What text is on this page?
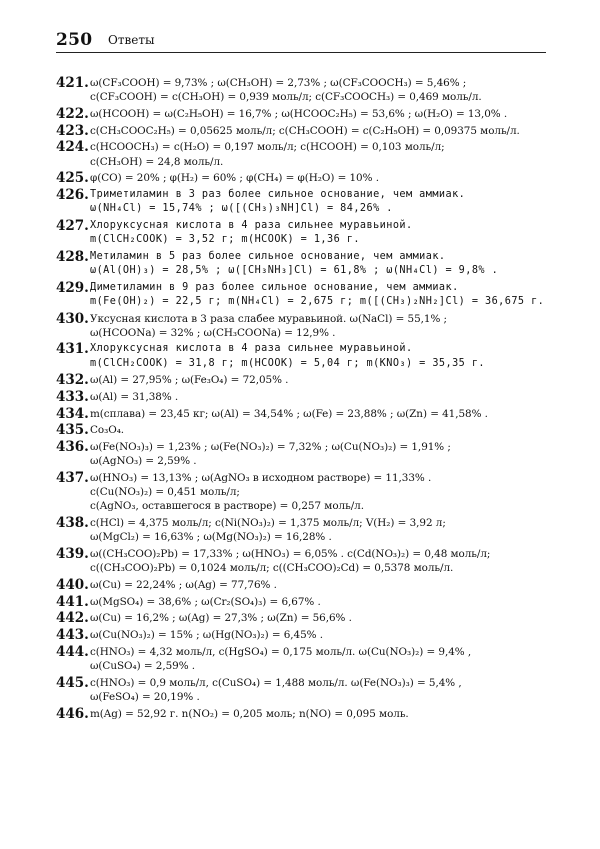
250 Ответы
421. ω(CF₃COOH) = 9,73% ; ω(CH₃OH) = 2,73% ; ω(CF₃COOCH₃) = 5,46% ;
c(CF₃COOH) = c(CH₃OH) = 0,939 моль/л; c(CF₃COOCH₃) = 0,469 моль/л.
422. ω(HCOOH) = ω(C₂H₅OH) = 16,7% ; ω(HCOOC₂H₅) = 53,6% ; ω(H₂O) = 13,0% .
423. c(CH₃COOC₂H₅) = 0,05625 моль/л; c(CH₃COOH) = c(C₂H₅OH) = 0,09375 моль/л.
424. c(HCOOCH₃) = c(H₂O) = 0,197 моль/л; c(HCOOH) = 0,103 моль/л;
c(CH₃OH) = 24,8 моль/л.
425. φ(CO) = 20% ; φ(H₂) = 60% ; φ(CH₄) = φ(H₂O) = 10% .
426. Триметиламин в 3 раз более сильное основание, чем аммиак.
ω(NH₄Cl) = 15,74% ; ω([(CH₃)₃NH]Cl) = 84,26% .
427. Хлоруксусная кислота в 4 раза сильнее муравьиной.
m(ClCH₂COOK) = 3,52 г; m(HCOOK) = 1,36 г.
428. Метиламин в 5 раз более сильное основание, чем аммиак.
ω(Al(OH)₃) = 28,5% ; ω([CH₃NH₃]Cl) = 61,8% ; ω(NH₄Cl) = 9,8% .
429. Диметиламин в 9 раз более сильное основание, чем аммиак.
m(Fe(OH)₂) = 22,5 г; m(NH₄Cl) = 2,675 г; m([(CH₃)₂NH₂]Cl) = 36,675 г.
430. Уксусная кислота в 3 раза слабее муравьиной. ω(NaCl) = 55,1% ;
ω(HCOONa) = 32% ; ω(CH₃COONa) = 12,9% .
431. Хлоруксусная кислота в 4 раза сильнее муравьиной.
m(ClCH₂COOK) = 31,8 г; m(HCOOK) = 5,04 г; m(KNO₃) = 35,35 г.
432. ω(Al) = 27,95% ; ω(Fe₃O₄) = 72,05% .
433. ω(Al) = 31,38% .
434. m(сплава) = 23,45 кг; ω(Al) = 34,54% ; ω(Fe) = 23,88% ; ω(Zn) = 41,58% .
435. Co₃O₄.
436. ω(Fe(NO₃)₃) = 1,23% ; ω(Fe(NO₃)₂) = 7,32% ; ω(Cu(NO₃)₂) = 1,91% ;
ω(AgNO₃) = 2,59% .
437. ω(HNO₃) = 13,13% ; ω(AgNO₃ в исходном растворе) = 11,33% .
c(Cu(NO₃)₂) = 0,451 моль/л;
c(AgNO₃, оставшегося в растворе) = 0,257 моль/л.
438. c(HCl) = 4,375 моль/л; c(Ni(NO₃)₂) = 1,375 моль/л; V(H₂) = 3,92 л;
ω(MgCl₂) = 16,63% ; ω(Mg(NO₃)₂) = 16,28% .
439. ω((CH₃COO)₂Pb) = 17,33% ; ω(HNO₃) = 6,05% . c(Cd(NO₃)₂) = 0,48 моль/л;
c((CH₃COO)₂Pb) = 0,1024 моль/л; c((CH₃COO)₂Cd) = 0,5378 моль/л.
440. ω(Cu) = 22,24% ; ω(Ag) = 77,76% .
441. ω(MgSO₄) = 38,6% ; ω(Cr₂(SO₄)₃) = 6,67% .
442. ω(Cu) = 16,2% ; ω(Ag) = 27,3% ; ω(Zn) = 56,6% .
443. ω(Cu(NO₃)₂) = 15% ; ω(Hg(NO₃)₂) = 6,45% .
444. c(HNO₃) = 4,32 моль/л, c(HgSO₄) = 0,175 моль/л. ω(Cu(NO₃)₂) = 9,4% ,
ω(CuSO₄) = 2,59% .
445. c(HNO₃) = 0,9 моль/л, c(CuSO₄) = 1,488 моль/л. ω(Fe(NO₃)₃) = 5,4% ,
ω(FeSO₄) = 20,19% .
446. m(Ag) = 52,92 г. n(NO₂) = 0,205 моль; n(NO) = 0,095 моль.
